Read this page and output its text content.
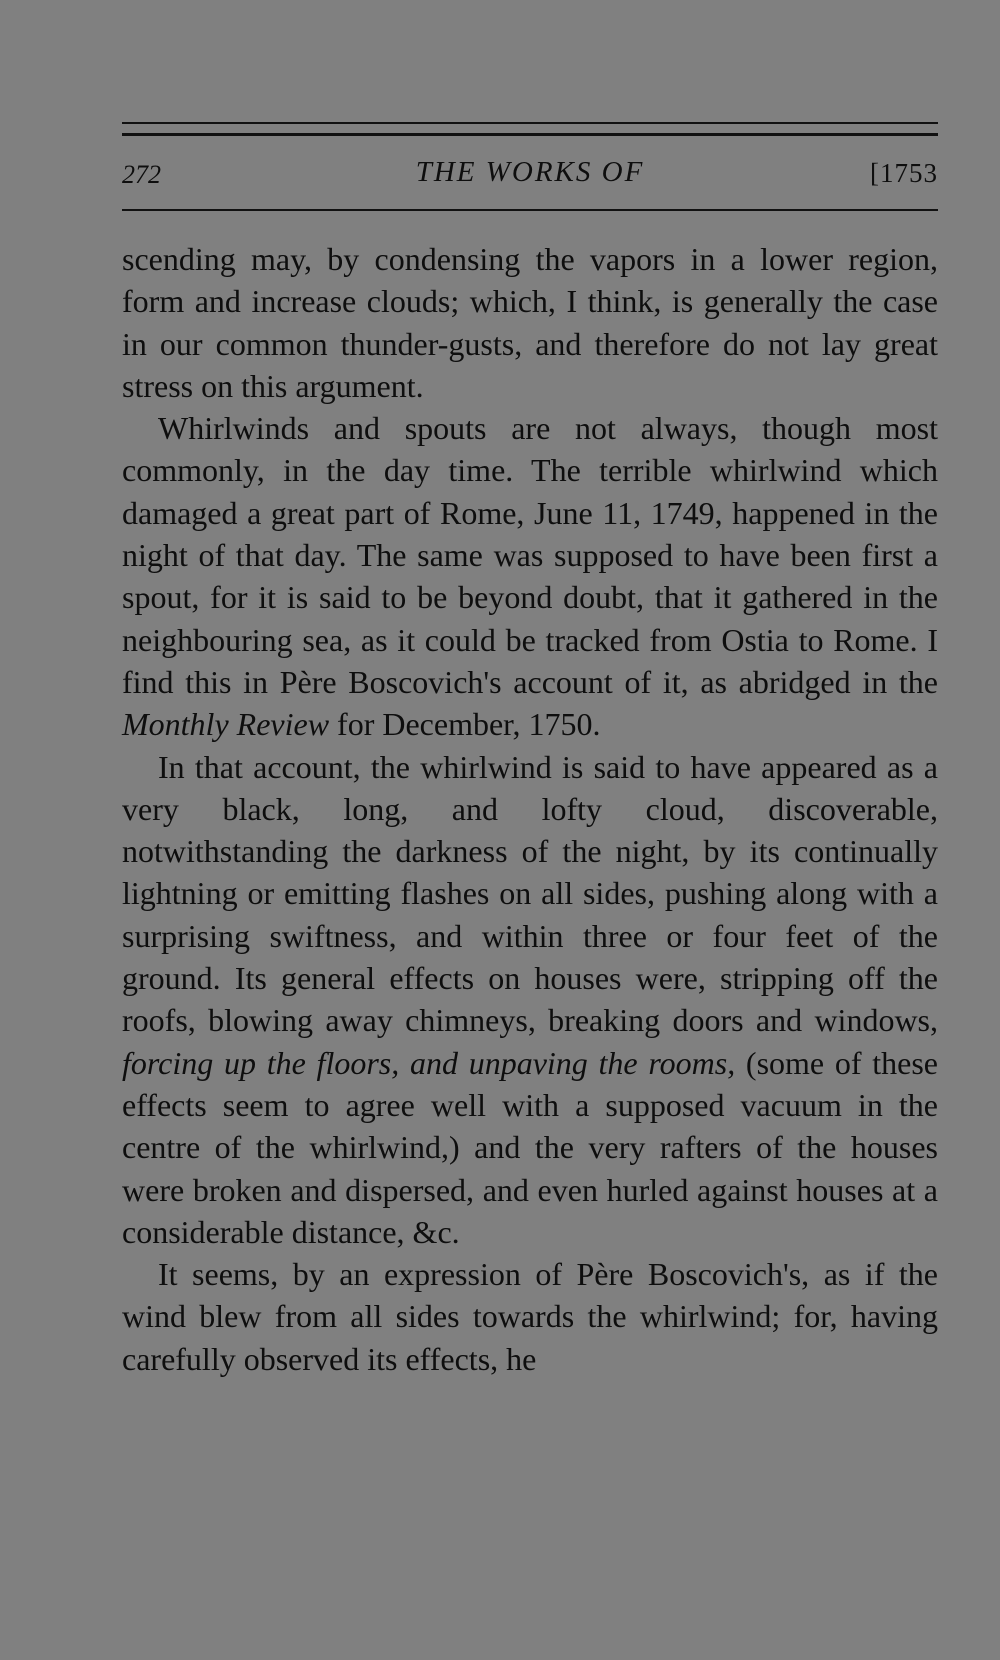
272	THE WORKS OF	[1753

scending may, by condensing the vapors in a lower region, form and increase clouds; which, I think, is generally the case in our common thunder-gusts, and therefore do not lay great stress on this argument.

Whirlwinds and spouts are not always, though most commonly, in the day time. The terrible whirlwind which damaged a great part of Rome, June 11, 1749, happened in the night of that day. The same was supposed to have been first a spout, for it is said to be beyond doubt, that it gathered in the neighbouring sea, as it could be tracked from Ostia to Rome. I find this in Père Boscovich's account of it, as abridged in the Monthly Review for December, 1750.

In that account, the whirlwind is said to have appeared as a very black, long, and lofty cloud, discoverable, notwithstanding the darkness of the night, by its continually lightning or emitting flashes on all sides, pushing along with a surprising swiftness, and within three or four feet of the ground. Its general effects on houses were, stripping off the roofs, blowing away chimneys, breaking doors and windows, forcing up the floors, and unpaving the rooms, (some of these effects seem to agree well with a supposed vacuum in the centre of the whirlwind,) and the very rafters of the houses were broken and dispersed, and even hurled against houses at a considerable distance, &c.

It seems, by an expression of Père Boscovich's, as if the wind blew from all sides towards the whirlwind; for, having carefully observed its effects, he
